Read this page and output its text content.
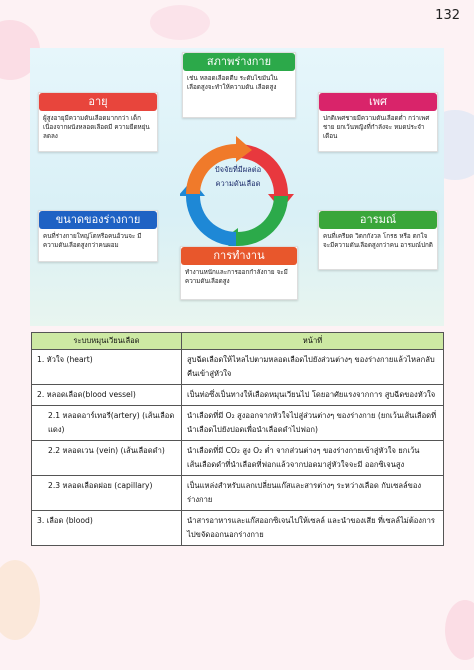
132
ปัจจัยที่มีผลต่อ
ความดันเลือด
สภาพร่างกาย
เช่น หลอดเลือดตีบ ระดับไขมันใน เลือดสูงจะทำให้ความดัน เลือดสูง
อายุ
ผู้สูงอายุมีความดันเลือดมากกว่า เด็ก เนื่องจากผนังหลอดเลือดมี ความยืดหยุ่นลดลง
เพศ
ปกติเพศชายมีความดันเลือดต่ำ กว่าเพศชาย ยกเว้นหญิงที่กำลังจะ หมดประจำเดือน
ขนาดของร่างกาย
คนที่ร่างกายใหญ่โตหรือคนอ้วนจะ มีความดันเลือดสูงกว่าคนผอม
อารมณ์
คนที่เครียด วิตกกังวล โกรธ หรือ ตกใจ จะมีความดันเลือดสูงกว่าคน อารมณ์ปกติ
การทำงาน
ทำงานหนักและการออกกำลังกาย จะมีความดันเลือดสูง
ระบบหมุนเวียนเลือด	หน้าที่
1. หัวใจ (heart)	สูบฉีดเลือดให้ไหลไปตามหลอดเลือดไปยังส่วนต่างๆ ของร่างกายแล้วไหลกลับคืนเข้าสู่หัวใจ
2. หลอดเลือด(blood vessel)	เป็นท่อซึ่งเป็นทางให้เลือดหมุนเวียนไป โดยอาศัยแรงจากการ สูบฉีดของหัวใจ
2.1 หลอดอาร์เทอรี(artery) (เส้นเลือดแดง)	นำเลือดที่มี O₂ สูงออกจากหัวใจไปสู่ส่วนต่างๆ ของร่างกาย (ยกเว้นเส้นเลือดที่นำเลือดไปยังปอดเพื่อนำเลือดดำไปฟอก)
2.2 หลอดเวน (vein) (เส้นเลือดดำ)	นำเลือดที่มี CO₂ สูง O₂ ต่ำ จากส่วนต่างๆ ของร่างกายเข้าสู่หัวใจ ยกเว้นเส้นเลือดดำที่นำเลือดที่ฟอกแล้วจากปอดมาสู่หัวใจจะมี ออกซิเจนสูง
2.3 หลอดเลือดฝอย (capillary)	เป็นแหล่งสำหรับแลกเปลี่ยนแก๊สและสารต่างๆ ระหว่างเลือด กับเซลล์ของร่างกาย
3. เลือด (blood)	นำสารอาหารและแก๊สออกซิเจนไปให้เซลล์ และนำของเสีย ที่เซลล์ไม่ต้องการไปขจัดออกนอกร่างกาย
